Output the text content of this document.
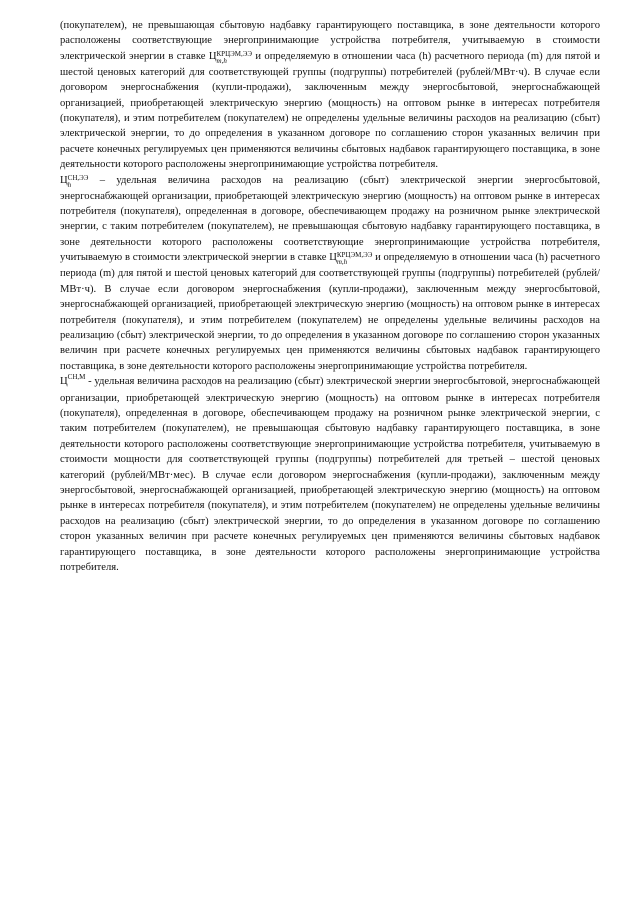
(покупателем), не превышающая сбытовую надбавку гарантирующего поставщика, в зоне деятельности которого расположены соответствующие энергопринимающие устройства потребителя, учитываемую в стоимости электрической энергии в ставке Ц КРЦЭМ,ЭЭ
m,h	и определяемую в отношении часа (h) расчетного периода (m) для пятой и шестой ценовых категорий для соответствующей группы (подгруппы) потребителей (рублей/МВт·ч). В случае если договором энергоснабжения (купли-продажи), заключенным между энергосбытовой, энергоснабжающей организацией, приобретающей электрическую энергию (мощность) на оптовом рынке в интересах потребителя (покупателя), и этим потребителем (покупателем) не определены удельные величины расходов на реализацию (сбыт) электрической энергии, то до определения в указанном договоре по соглашению сторон указанных величин при расчете конечных регулируемых цен применяются величины сбытовых надбавок гарантирующего поставщика, в зоне деятельности которого расположены энергопринимающие устройства потребителя.

Ц СН,ЭЭ
h	– удельная величина расходов на реализацию (сбыт) электрической энергии энергосбытовой, энергоснабжающей организации, приобретающей электрическую энергию (мощность) на оптовом рынке в интересах потребителя (покупателя), определенная в договоре, обеспечивающем продажу на розничном рынке электрической энергии, с таким потребителем (покупателем), не превышающая сбытовую надбавку гарантирующего поставщика, в зоне деятельности которого расположены соответствующие энергопринимающие устройства потребителя, учитываемую в стоимости электрической энергии в ставке Ц КРЦЭМ,ЭЭ
m,h	и определяемую в отношении часа (h) расчетного периода (m) для пятой и шестой ценовых категорий для соответствующей группы (подгруппы) потребителей (рублей/МВт·ч). В случае если договором энергоснабжения (купли-продажи), заключенным между энергосбытовой, энергоснабжающей организацией, приобретающей электрическую энергию (мощность) на оптовом рынке в интересах потребителя (покупателя), и этим потребителем (покупателем) не определены удельные величины расходов на реализацию (сбыт) электрической энергии, то до определения в указанном договоре по соглашению сторон указанных величин при расчете конечных регулируемых цен применяются величины сбытовых надбавок гарантирующего поставщика, в зоне деятельности которого расположены энергопринимающие устройства потребителя.

$Ц^{СН,М}$ - удельная величина расходов на реализацию (сбыт) электрической энергии энергосбытовой, энергоснабжающей организации, приобретающей электрическую энергию (мощность) на оптовом рынке в интересах потребителя (покупателя), определенная в договоре, обеспечивающем продажу на розничном рынке электрической энергии, с таким потребителем (покупателем), не превышающая сбытовую надбавку гарантирующего поставщика, в зоне деятельности которого расположены соответствующие энергопринимающие устройства потребителя, учитываемую в стоимости мощности для соответствующей группы (подгруппы) потребителей для третьей – шестой ценовых категорий (рублей/МВт·мес). В случае если договором энергоснабжения (купли-продажи), заключенным между энергосбытовой, энергоснабжающей организацией, приобретающей электрическую энергию (мощность) на оптовом рынке в интересах потребителя (покупателя), и этим потребителем (покупателем) не определены удельные величины расходов на реализацию (сбыт) электрической энергии, то до определения в указанном договоре по соглашению сторон указанных величин при расчете конечных регулируемых цен применяются величины сбытовых надбавок гарантирующего поставщика, в зоне деятельности которого расположены энергопринимающие устройства потребителя.
